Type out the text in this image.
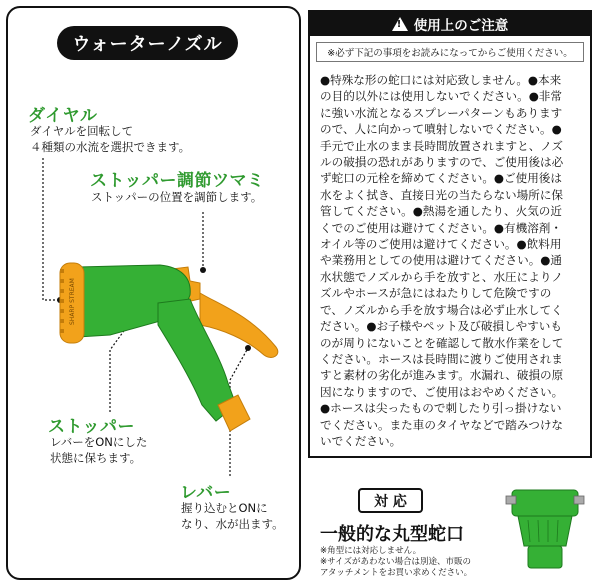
ウォーターノズル
ダイヤル
ダイヤルを回転して
４種類の水流を選択できます。
ストッパー調節ツマミ
ストッパーの位置を調節します。
ストッパー
レバーをONにした
状態に保ちます。
レバー
握り込むとONに
なり、水が出ます。
SHARP STREAM
! 使用上のご注意
※必ず下記の事項をお読みになってからご使用ください。

●特殊な形の蛇口には対応致しません。●本来

の目的以外には使用しないでください。●非常

に強い水流となるスプレーパターンもあります

ので、人に向かって噴射しないでください。●

手元で止水のまま長時間放置されますと、ノズ

ルの破損の恐れがありますので、ご使用後は必

ず蛇口の元栓を締めてください。●ご使用後は

水をよく拭き、直接日光の当たらない場所に保

管してください。●熱湯を通したり、火気の近

くでのご使用は避けてください。●有機溶剤・

オイル等のご使用は避けてください。●飲料用

や業務用としての使用は避けてください。●通

水状態でノズルから手を放すと、水圧によりノ

ズルやホースが急にはねたりして危険ですの

で、ノズルから手を放す場合は必ず止水してく

ださい。●お子様やペット及び破損しやすいも

のが周りにないことを確認して散水作業をして

ください。ホースは長時間に渡りご使用されま

すと素材の劣化が進みます。水漏れ、破損の原

因になりますので、ご使用はおやめください。

●ホースは尖ったもので刺したり引っ掛けない

でください。また車のタイヤなどで踏みつけな

いでください。

対 応
一般的な丸型蛇口
※角型には対応しません。
※サイズがあわない場合は別途、市販の
アタッチメントをお買い求めください。
